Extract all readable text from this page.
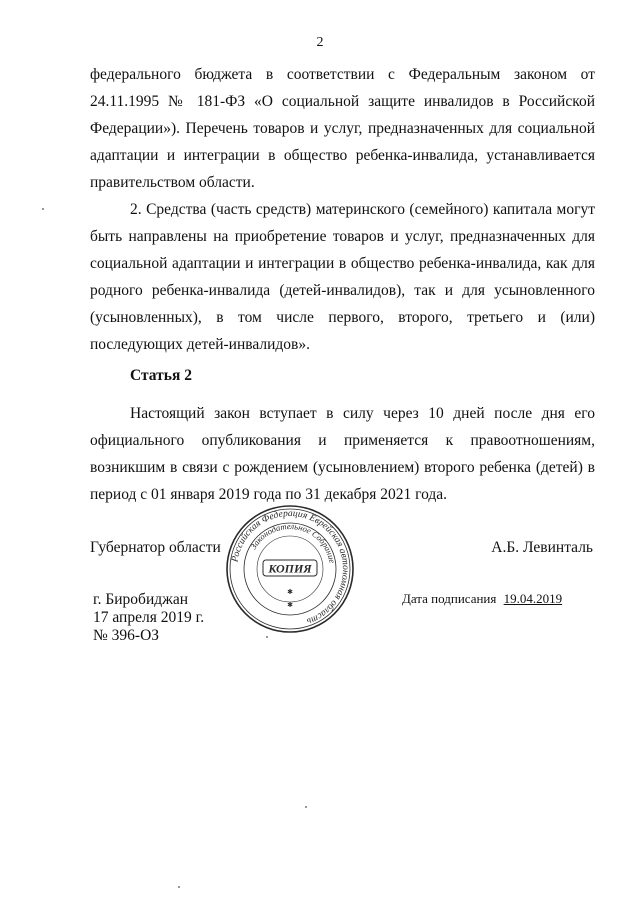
2

федерального бюджета в соответствии с Федеральным законом от 24.11.1995 № 181-ФЗ «О социальной защите инвалидов в Российской Федерации»). Перечень товаров и услуг, предназначенных для социальной адаптации и интеграции в общество ребенка-инвалида, устанавливается правительством области.

2. Средства (часть средств) материнского (семейного) капитала могут быть направлены на приобретение товаров и услуг, предназначенных для социальной адаптации и интеграции в общество ребенка-инвалида, как для родного ребенка-инвалида (детей-инвалидов), так и для усыновленного (усыновленных), в том числе первого, второго, третьего и (или) последующих детей-инвалидов».

Статья 2

Настоящий закон вступает в силу через 10 дней после дня его официального опубликования и применяется к правоотношениям, возникшим в связи с рождением (усыновлением) второго ребенка (детей) в период с 01 января 2019 года по 31 декабря 2021 года.

Губернатор области
Российская Федерация Еврейская автономная область
Законодательное Собрание
КОПИЯ
✱
✱
А.Б. Левинталь
г. Биробиджан
17 апреля 2019 г.
№ 396-ОЗ
Дата подписания 19.04.2019
